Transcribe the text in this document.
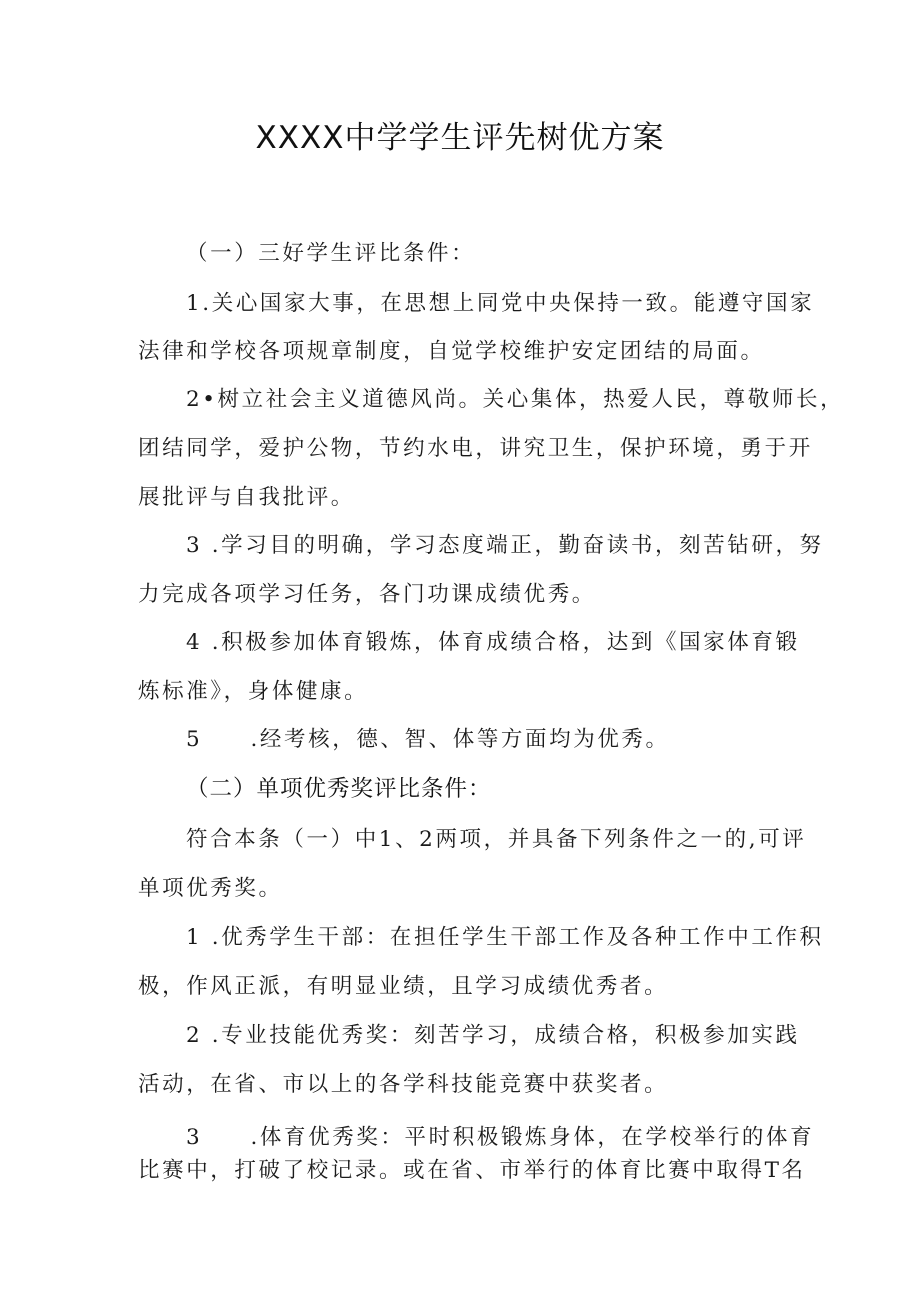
XXXX中学学生评先树优方案
（一）三好学生评比条件：
1.关心国家大事，在思想上同党中央保持一致。能遵守国家
法律和学校各项规章制度，自觉学校维护安定团结的局面。
2•树立社会主义道德风尚。关心集体，热爱人民，尊敬师长，
团结同学，爱护公物，节约水电，讲究卫生，保护环境，勇于开
展批评与自我批评。
3 .学习目的明确，学习态度端正，勤奋读书，刻苦钻研，努
力完成各项学习任务，各门功课成绩优秀。
4 .积极参加体育锻炼，体育成绩合格，达到《国家体育锻
炼标准》，身体健康。
5　　.经考核，德、智、体等方面均为优秀。
（二）单项优秀奖评比条件：
符合本条（一）中1、2两项，并具备下列条件之一的,可评
单项优秀奖。
1 .优秀学生干部：在担任学生干部工作及各种工作中工作积
极，作风正派，有明显业绩，且学习成绩优秀者。
2 .专业技能优秀奖：刻苦学习，成绩合格，积极参加实践
活动，在省、市以上的各学科技能竞赛中获奖者。
3　　.体育优秀奖：平时积极锻炼身体，在学校举行的体育
比赛中，打破了校记录。或在省、市举行的体育比赛中取得T名
